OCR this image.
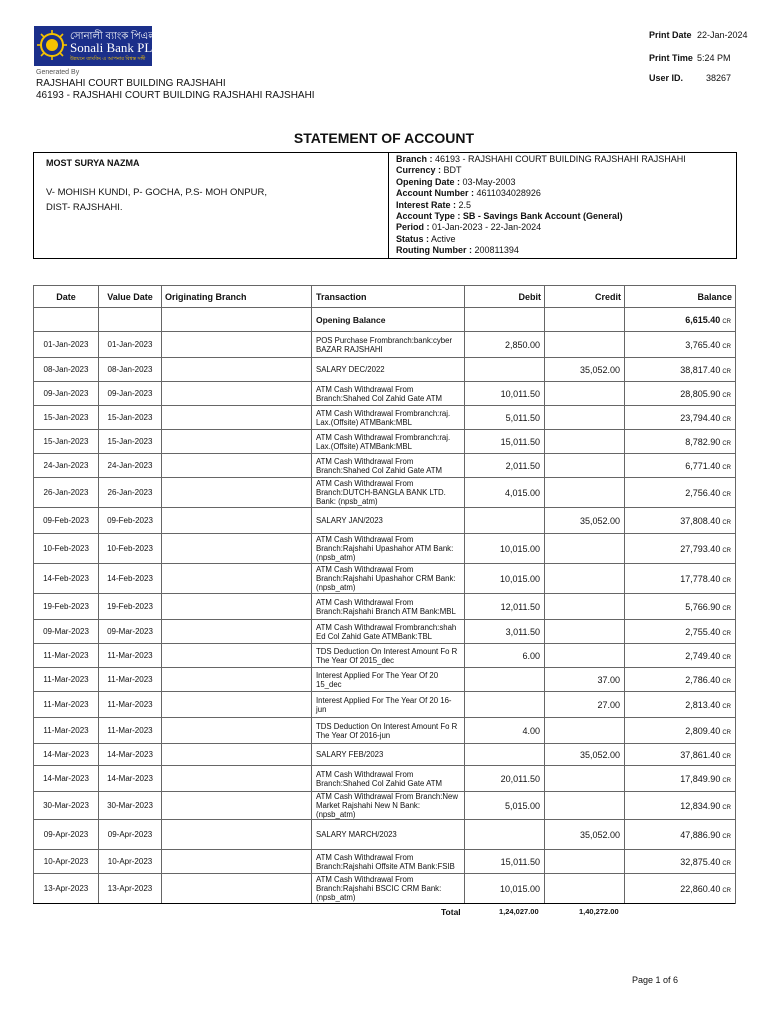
সোনালী ব্যাংক পিএলসি.
Sonali Bank PLC.
উন্নয়নে ব্যাংকিং এ আপনার বিশ্বস্ত সঙ্গী
Generated By
RAJSHAHI COURT BUILDING RAJSHAHI
46193 - RAJSHAHI COURT BUILDING RAJSHAHI RAJSHAHI
Print Date 22-Jan-2024
Print Time 5:24 PM
User ID.	38267
STATEMENT OF ACCOUNT
MOST SURYA NAZMA
V- MOHISH KUNDI, P- GOCHA, P.S- MOH ONPUR, DIST- RAJSHAHI.
Branch : 46193 - RAJSHAHI COURT BUILDING RAJSHAHI RAJSHAHI
Currency : BDT
Opening Date : 03-May-2003
Account Number : 4611034028926
Interest Rate : 2.5
Account Type : SB - Savings Bank Account (General)
Period : 01-Jan-2023 - 22-Jan-2024
Status : Active
Routing Number : 200811394
Date	Value Date	Originating Branch	Transaction	Debit	Credit	Balance
			Opening Balance			6,615.40 CR
01-Jan-2023	01-Jan-2023		POS Purchase Frombranch:bank:cyber BAZAR RAJSHAHI	2,850.00		3,765.40 CR
08-Jan-2023	08-Jan-2023		SALARY DEC/2022		35,052.00	38,817.40 CR
09-Jan-2023	09-Jan-2023		ATM Cash Withdrawal From Branch:Shahed Col Zahid Gate ATM	10,011.50		28,805.90 CR
15-Jan-2023	15-Jan-2023		ATM Cash Withdrawal Frombranch:raj. Lax.(Offsite) ATMBank:MBL	5,011.50		23,794.40 CR
15-Jan-2023	15-Jan-2023		ATM Cash Withdrawal Frombranch:raj. Lax.(Offsite) ATMBank:MBL	15,011.50		8,782.90 CR
24-Jan-2023	24-Jan-2023		ATM Cash Withdrawal From Branch:Shahed Col Zahid Gate ATM	2,011.50		6,771.40 CR
26-Jan-2023	26-Jan-2023		ATM Cash Withdrawal From Branch:DUTCH-BANGLA BANK LTD. Bank: (npsb_atm)	4,015.00		2,756.40 CR
09-Feb-2023	09-Feb-2023		SALARY JAN/2023		35,052.00	37,808.40 CR
10-Feb-2023	10-Feb-2023		ATM Cash Withdrawal From Branch:Rajshahi Upashahor ATM Bank: (npsb_atm)	10,015.00		27,793.40 CR
14-Feb-2023	14-Feb-2023		ATM Cash Withdrawal From Branch:Rajshahi Upashahor CRM Bank: (npsb_atm)	10,015.00		17,778.40 CR
19-Feb-2023	19-Feb-2023		ATM Cash Withdrawal From Branch:Rajshahi Branch ATM Bank:MBL	12,011.50		5,766.90 CR
09-Mar-2023	09-Mar-2023		ATM Cash Withdrawal Frombranch:shah Ed Col Zahid Gate ATMBank:TBL	3,011.50		2,755.40 CR
11-Mar-2023	11-Mar-2023		TDS Deduction On Interest Amount Fo R The Year Of 2015_dec	6.00		2,749.40 CR
11-Mar-2023	11-Mar-2023		Interest Applied For The Year Of 20 15_dec		37.00	2,786.40 CR
11-Mar-2023	11-Mar-2023		Interest Applied For The Year Of 20 16-jun		27.00	2,813.40 CR
11-Mar-2023	11-Mar-2023		TDS Deduction On Interest Amount Fo R The Year Of 2016-jun	4.00		2,809.40 CR
14-Mar-2023	14-Mar-2023		SALARY FEB/2023		35,052.00	37,861.40 CR
14-Mar-2023	14-Mar-2023		ATM Cash Withdrawal From Branch:Shahed Col Zahid Gate ATM	20,011.50		17,849.90 CR
30-Mar-2023	30-Mar-2023		ATM Cash Withdrawal From Branch:New Market Rajshahi New N Bank: (npsb_atm)	5,015.00		12,834.90 CR
09-Apr-2023	09-Apr-2023		SALARY MARCH/2023		35,052.00	47,886.90 CR
10-Apr-2023	10-Apr-2023		ATM Cash Withdrawal From Branch:Rajshahi Offsite ATM Bank:FSIB	15,011.50		32,875.40 CR
13-Apr-2023	13-Apr-2023		ATM Cash Withdrawal From Branch:Rajshahi BSCIC CRM Bank: (npsb_atm)	10,015.00		22,860.40 CR
Total	1,24,027.00	1,40,272.00
Page 1 of 6
